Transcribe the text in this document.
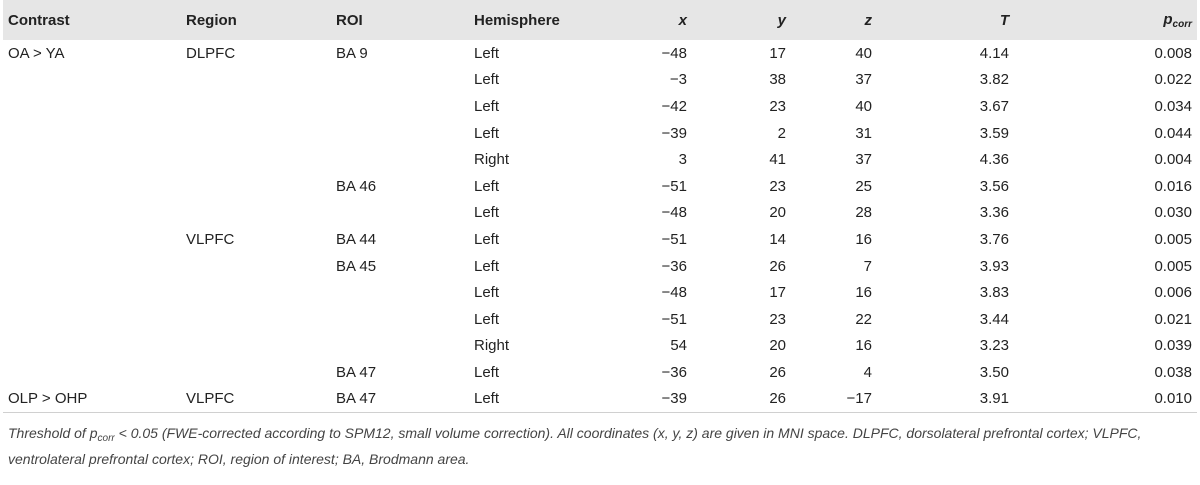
Contrast	Region	ROI	Hemisphere	x	y	z	T	$p_{corr}$
OA > YA	DLPFC	BA 9	Left	−48	17	40	4.14	0.008
			Left	−3	38	37	3.82	0.022
			Left	−42	23	40	3.67	0.034
			Left	−39	2	31	3.59	0.044
			Right	3	41	37	4.36	0.004
		BA 46	Left	−51	23	25	3.56	0.016
			Left	−48	20	28	3.36	0.030
	VLPFC	BA 44	Left	−51	14	16	3.76	0.005
		BA 45	Left	−36	26	7	3.93	0.005
			Left	−48	17	16	3.83	0.006
			Left	−51	23	22	3.44	0.021
			Right	54	20	16	3.23	0.039
		BA 47	Left	−36	26	4	3.50	0.038
OLP > OHP	VLPFC	BA 47	Left	−39	26	−17	3.91	0.010
Threshold of $p_{corr} < 0.05$ (FWE-corrected according to SPM12, small volume correction). All coordinates (x, y, z) are given in MNI space. DLPFC, dorsolateral prefrontal cortex; VLPFC, ventrolateral prefrontal cortex; ROI, region of interest; BA, Brodmann area.
